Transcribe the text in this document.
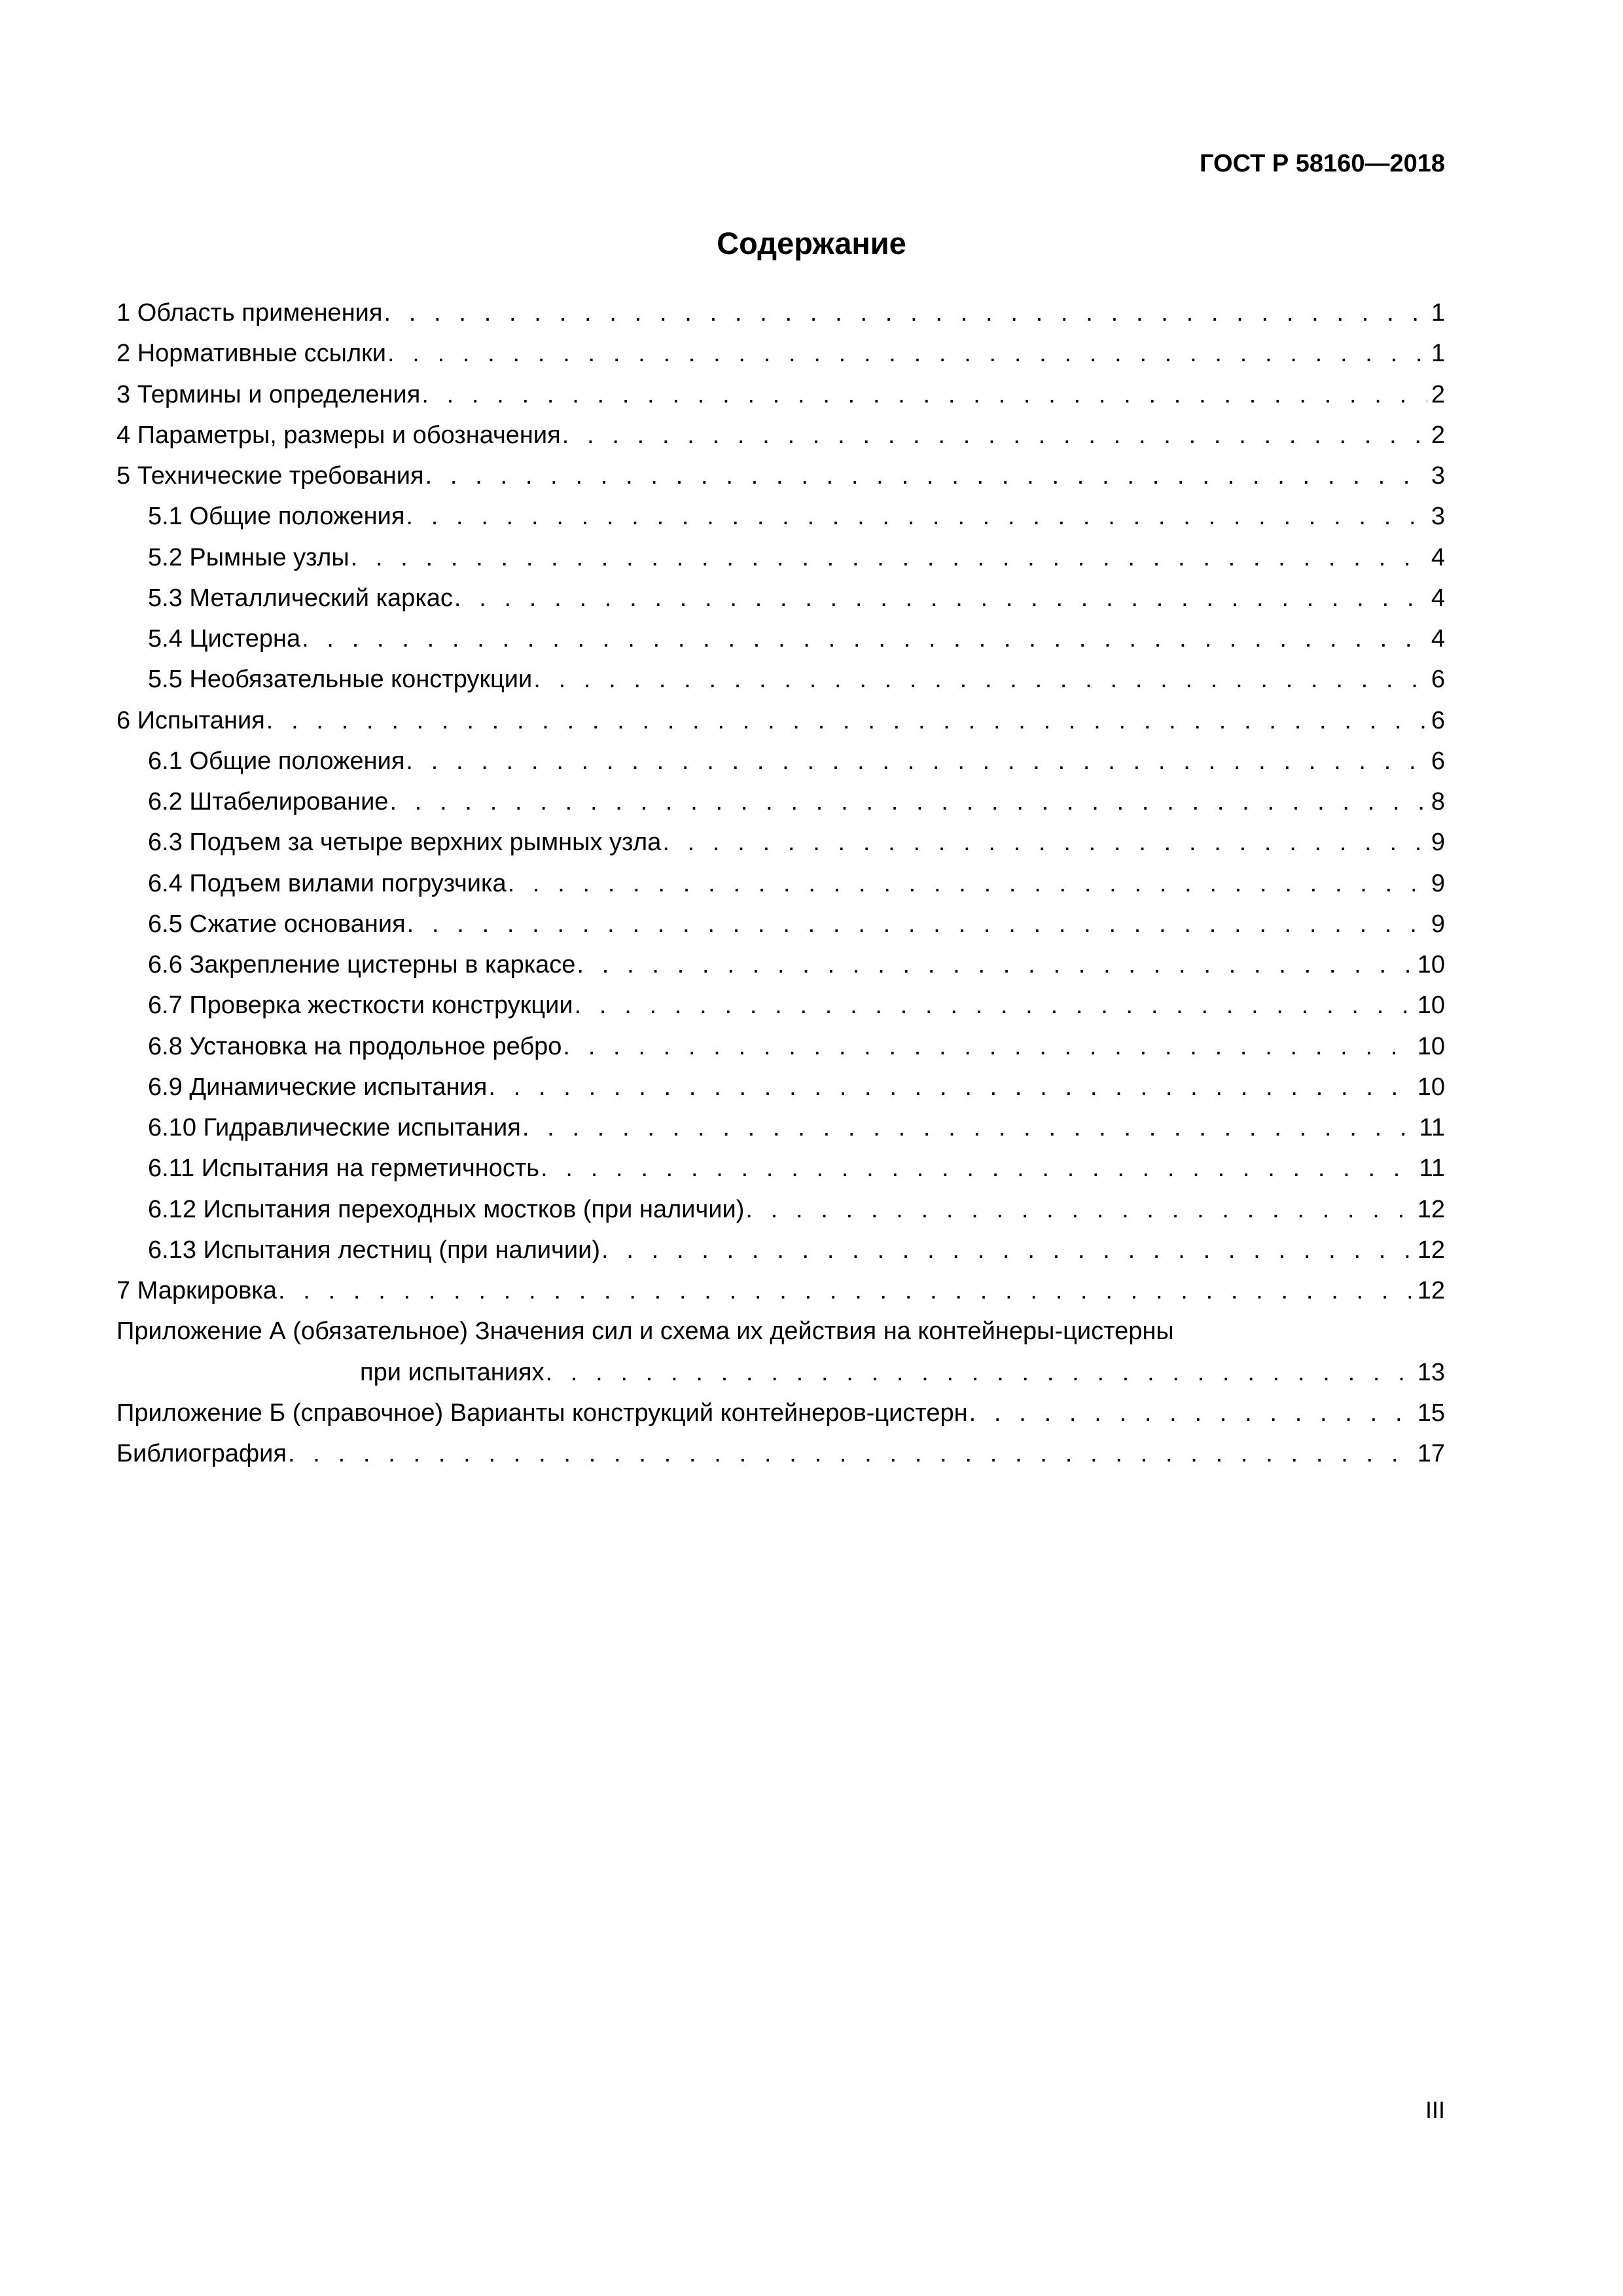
ГОСТ Р 58160—2018
Содержание
1 Область применения . . .	1
2 Нормативные ссылки . . .	1
3 Термины и определения . . .	2
4 Параметры, размеры и обозначения . . .	2
5 Технические требования . . .	3
5.1 Общие положения . . .	3
5.2 Рымные узлы . . .	4
5.3 Металлический каркас . . .	4
5.4 Цистерна . . .	4
5.5 Необязательные конструкции . . .	6
6 Испытания . . .	6
6.1 Общие положения . . .	6
6.2 Штабелирование . . .	8
6.3 Подъем за четыре верхних рымных узла . . .	9
6.4 Подъем вилами погрузчика . . .	9
6.5 Сжатие основания . . .	9
6.6 Закрепление цистерны в каркасе . . .	10
6.7 Проверка жесткости конструкции . . .	10
6.8 Установка на продольное ребро . . .	10
6.9 Динамические испытания . . .	10
6.10 Гидравлические испытания . . .	11
6.11 Испытания на герметичность . . .	11
6.12 Испытания переходных мостков (при наличии) . . .	12
6.13 Испытания лестниц (при наличии) . . .	12
7 Маркировка . . .	12
Приложение А (обязательное) Значения сил и схема их действия на контейнеры-цистерны
при испытаниях . . .	13
Приложение Б (справочное) Варианты конструкций контейнеров-цистерн . . .	15
Библиография . . .	17
III
